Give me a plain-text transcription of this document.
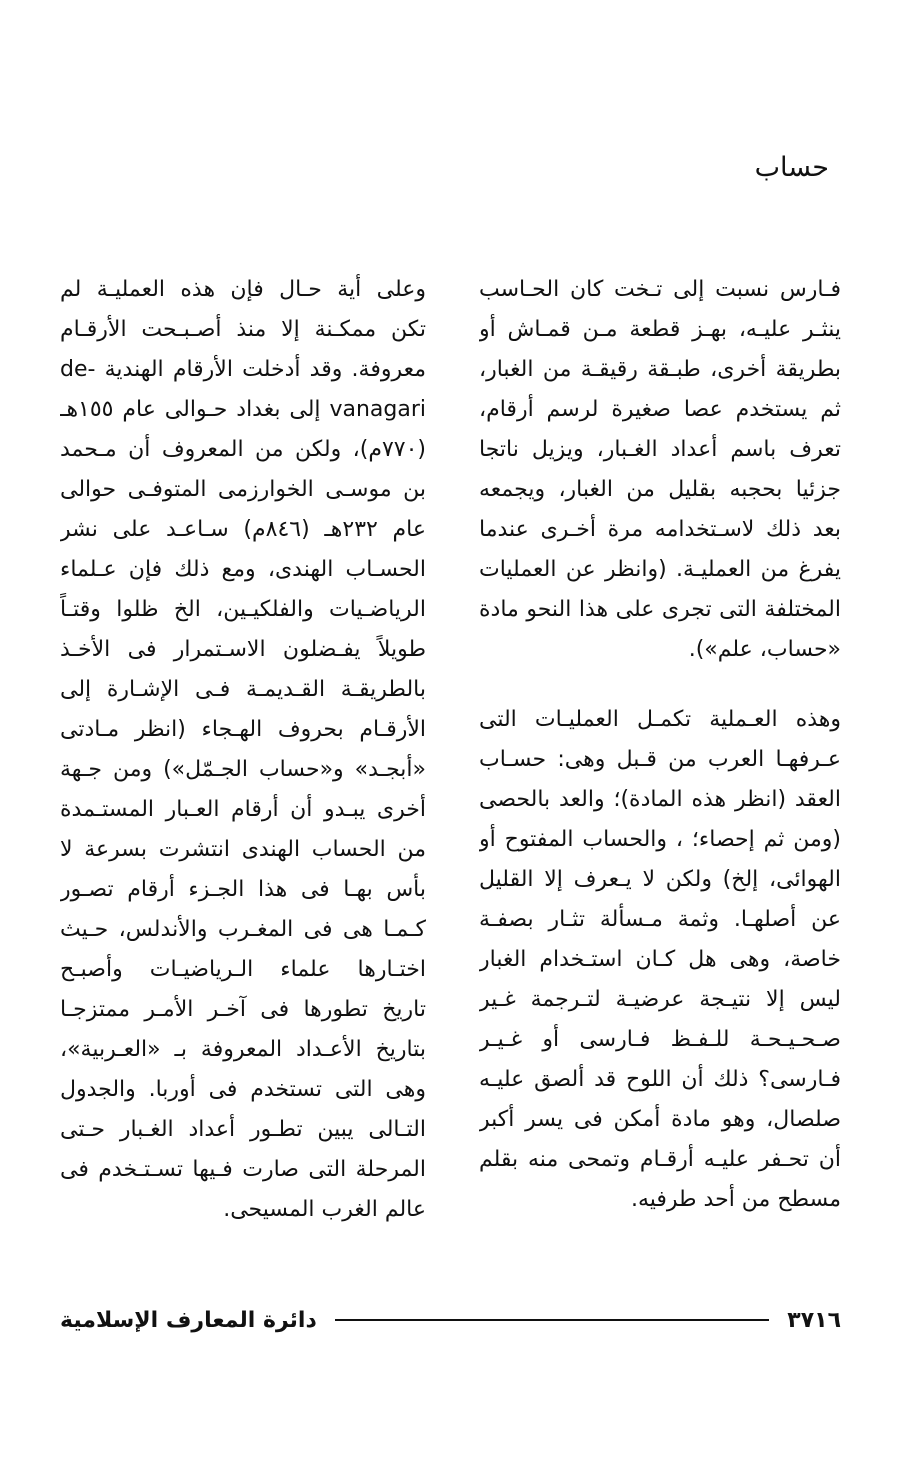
حساب
فـارس نسبت إلى تـخت كان الحـاسب
ينثـر عليـه، بهـز قطعة مـن قمـاش أو
بطريقة أخرى، طبـقة رقيقـة من الغبار،
ثم يستخدم عصا صغيرة لرسم أرقام،
تعرف باسم أعداد الغـبار، ويزيل ناتجا
جزئيا بحجبه بقليل من الغبار، ويجمعه
بعد ذلك لاسـتخدامه مرة أخـرى عندما
يفرغ من العمليـة. (وانظر عن العمليات
المختلفة التى تجرى على هذا النحو مادة
«حساب، علم»).
وهذه العـملية تكمـل العمليـات التى
عـرفهـا العرب من قـبل وهى: حسـاب
العقد (انظر هذه المادة)؛ والعد بالحصى
(ومن ثم إحصاء؛ ، والحساب المفتوح أو
الهوائى، إلخ) ولكن لا يـعرف إلا القليل
عن أصلهـا. وثمة مـسألة تثـار بصفـة
خاصة، وهى هل كـان استـخدام الغبار
ليس إلا نتيـجة عرضيـة لتـرجمة غـير
صـحـيـحـة للـفـظ فـارسى أو غـيـر
فـارسى؟ ذلك أن اللوح قد ألصق عليـه
صلصال، وهو مادة أمكن فى يسر أكبر
أن تحـفر عليـه أرقـام وتمحى منه بقلم
مسطح من أحد طرفيه.
وعلى أية حـال فإن هذه العمليـة لم
تكن ممكـنة إلا منذ أصـبـحت الأرقـام
معروفة. وقد أدخلت الأرقام الهندية -de
vanagari إلى بغداد حـوالى عام ١٥٥هـ
(٧٧٠م)، ولكن من المعروف أن مـحمد
بن موسـى الخوارزمى المتوفـى حوالى
عام ٢٣٢هـ (٨٤٦م) سـاعـد على نشر
الحسـاب الهندى، ومع ذلك فإن عـلماء
الرياضـيات والفلكيـين، الخ ظلوا وقتـاً
طويلاً يفـضلون الاسـتمرار فى الأخـذ
بالطريقـة القـديمـة فـى الإشـارة إلى
الأرقـام بحروف الهـجاء (انظر مـادتى
«أبجـد» و«حساب الجـمّل») ومن جـهة
أخرى يبـدو أن أرقام العـبار المستـمدة
من الحساب الهندى انتشرت بسرعة لا
بأس بهـا فى هذا الجـزء أرقام تصـور
كـمـا هى فى المغـرب والأندلس، حـيث
اختـارها علماء الـرياضيـات وأصبـح
تاريخ تطورها فى آخـر الأمـر ممتزجـا
بتاريخ الأعـداد المعروفة بـ «العـربية»،
وهى التى تستخدم فى أوربا. والجدول
التـالى يبين تطـور أعداد الغـبار حـتى
المرحلة التى صارت فـيها تسـتـخدم فى
عالم الغرب المسيحى.
٣٧١٦
دائرة المعارف الإسلامية
